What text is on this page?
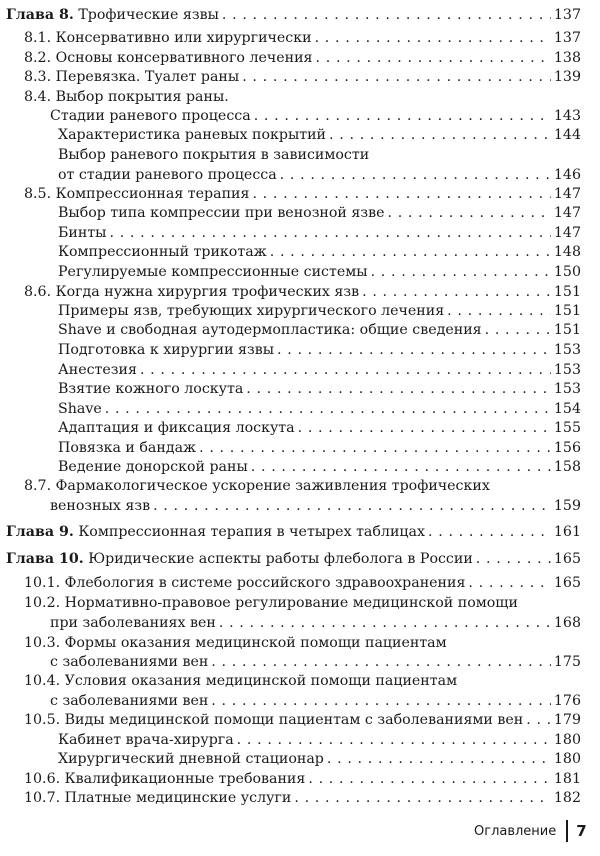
Глава 8. Трофические язвы . . .	137
8.1. Консервативно или хирургически . . .	137
8.2. Основы консервативного лечения . . .	138
8.3. Перевязка. Туалет раны . . .	139
8.4. Выбор покрытия раны.
Стадии раневого процесса . . .	143
Характеристика раневых покрытий . . .	144
Выбор раневого покрытия в зависимости
от стадии раневого процесса . . .	146
8.5. Компрессионная терапия . . .	147
Выбор типа компрессии при венозной язве . . .	147
Бинты . . .	147
Компрессионный трикотаж . . .	148
Регулируемые компрессионные системы . . .	150
8.6. Когда нужна хирургия трофических язв . . .	151
Примеры язв, требующих хирургического лечения . . .	151
Shave и свободная аутодермопластика: общие сведения . . .	151
Подготовка к хирургии язвы . . .	153
Анестезия . . .	153
Взятие кожного лоскута . . .	153
Shave . . .	154
Адаптация и фиксация лоскута . . .	155
Повязка и бандаж . . .	156
Ведение донорской раны . . .	158
8.7. Фармакологическое ускорение заживления трофических
венозных язв . . .	159
Глава 9. Компрессионная терапия в четырех таблицах . . .	161
Глава 10. Юридические аспекты работы флеболога в России . . .	165
10.1. Флебология в системе российского здравоохранения . . .	165
10.2. Нормативно-правовое регулирование медицинской помощи
при заболеваниях вен . . .	168
10.3. Формы оказания медицинской помощи пациентам
с заболеваниями вен . . .	175
10.4. Условия оказания медицинской помощи пациентам
с заболеваниями вен . . .	176
10.5. Виды медицинской помощи пациентам с заболеваниями вен . . . 179
Кабинет врача-хирурга . . .	180
Хирургический дневной стационар . . .	180
10.6. Квалификационные требования . . .	181
10.7. Платные медицинские услуги . . .	182
Оглавление 7
